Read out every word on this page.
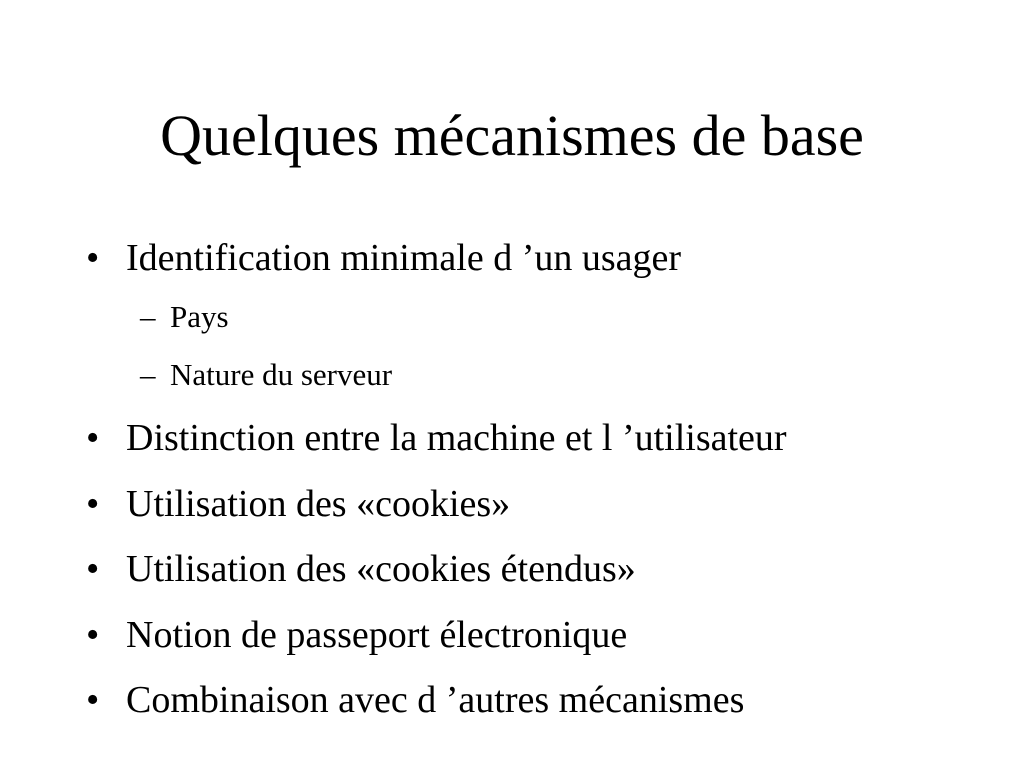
Quelques mécanismes de base
• Identification minimale d ’un usager
– Pays
– Nature du serveur
• Distinction entre la machine et l ’utilisateur
• Utilisation des «cookies»
• Utilisation des «cookies étendus»
• Notion de passeport électronique
• Combinaison avec d ’autres mécanismes
